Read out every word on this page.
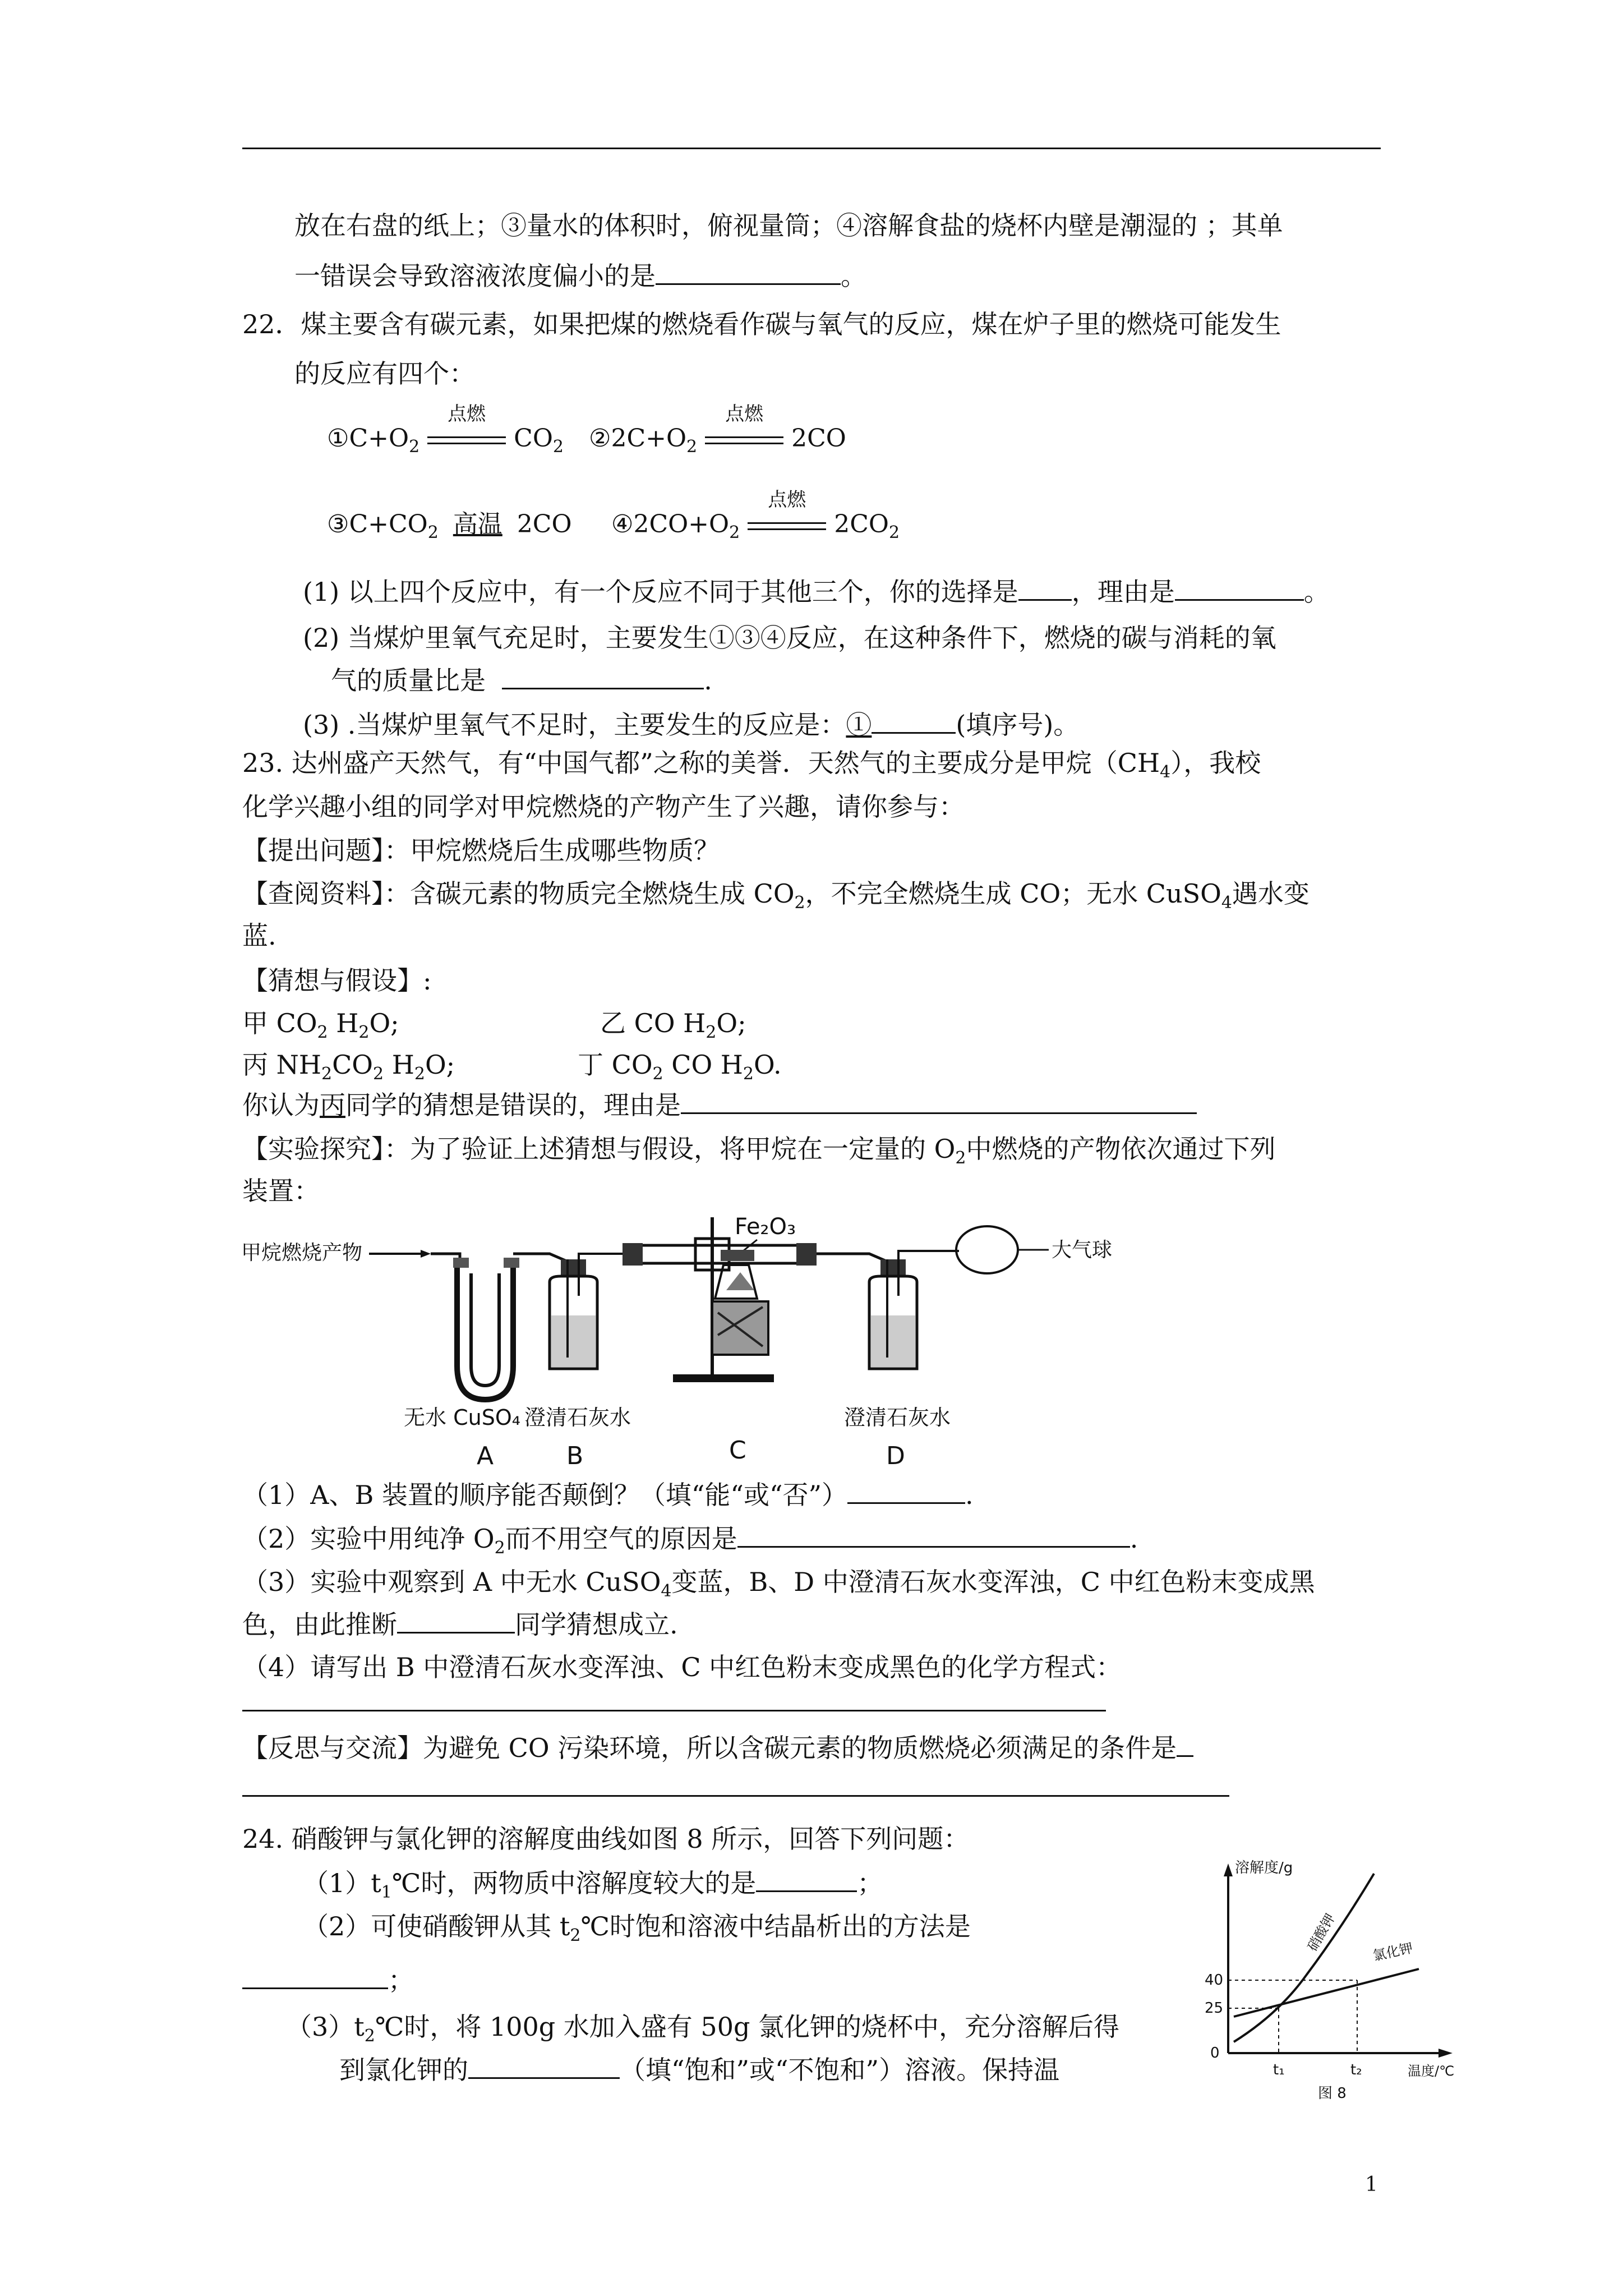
放在右盘的纸上；③量水的体积时，俯视量筒；④溶解食盐的烧杯内壁是潮湿的 ；其单
一错误会导致溶液浓度偏小的是	。
22．煤主要含有碳元素，如果把煤的燃烧看作碳与氧气的反应，煤在炉子里的燃烧可能发生
的反应有四个：
$①C+O_2$
点燃
$CO_2$ $②2C+O_2$
点燃
2CO
$③C+CO_2$ 高温 2CO $④2CO+O_2$
点燃
$2CO_2$
(1) 以上四个反应中，有一个反应不同于其他三个，你的选择是 ，理由是	。
(2) 当煤炉里氧气充足时，主要发生①③④反应，在这种条件下，燃烧的碳与消耗的氧
气的质量比是	.
(3) .当煤炉里氧气不足时，主要发生的反应是：①	(填序号)。
23. 达州盛产天然气，有“中国气都”之称的美誉．天然气的主要成分是甲烷$(CH_4)$，我校
化学兴趣小组的同学对甲烷燃烧的产物产生了兴趣，请你参与：
【提出问题】：甲烷燃烧后生成哪些物质？
【查阅资料】：含碳元素的物质完全燃烧生成 $CO_2$，不完全燃烧生成 CO；无水 CuSO$_4$遇水变
蓝.
【猜想与假设】:
甲 $CO_2$ $H_2O$;	乙 CO $H_2O$;
丙 $NH_2CO_2$ $H_2O$;	丁 $CO_2$ CO $H_2O$.
你认为丙同学的猜想是错误的，理由是
【实验探究】：为了验证上述猜想与假设，将甲烷在一定量的 $O_2$中燃烧的产物依次通过下列
装置：
甲烷燃烧产物
Fe₂O₃
大气球
无水 CuSO₄ 澄清石灰水	澄清石灰水
A	B	C	D
（1）A、B 装置的顺序能否颠倒？（填“能“或“否”）	.
（2）实验中用纯净 $O_2$而不用空气的原因是	.
（3）实验中观察到 A 中无水 CuSO$_4$变蓝，B、D 中澄清石灰水变浑浊，C 中红色粉末变成黑
色，由此推断	同学猜想成立.
（4）请写出 B 中澄清石灰水变浑浊、C 中红色粉末变成黑色的化学方程式：
【反思与交流】为避免 CO 污染环境，所以含碳元素的物质燃烧必须满足的条件是
24. 硝酸钾与氯化钾的溶解度曲线如图 8 所示，回答下列问题：
$(1)t_1℃$时，两物质中溶解度较大的是	；
（2）可使硝酸钾从其 $t_2℃$时饱和溶液中结晶析出的方法是
；
$(3)t_2℃$时，将 100g 水加入盛有 50g 氯化钾的烧杯中，充分溶解后得
到氯化钾的	（填“饱和”或“不饱和”）溶液。保持温
溶解度/g
温度/℃
40
25
0
t₁	t₂
硝酸钾 氯化钾
图 8
1
